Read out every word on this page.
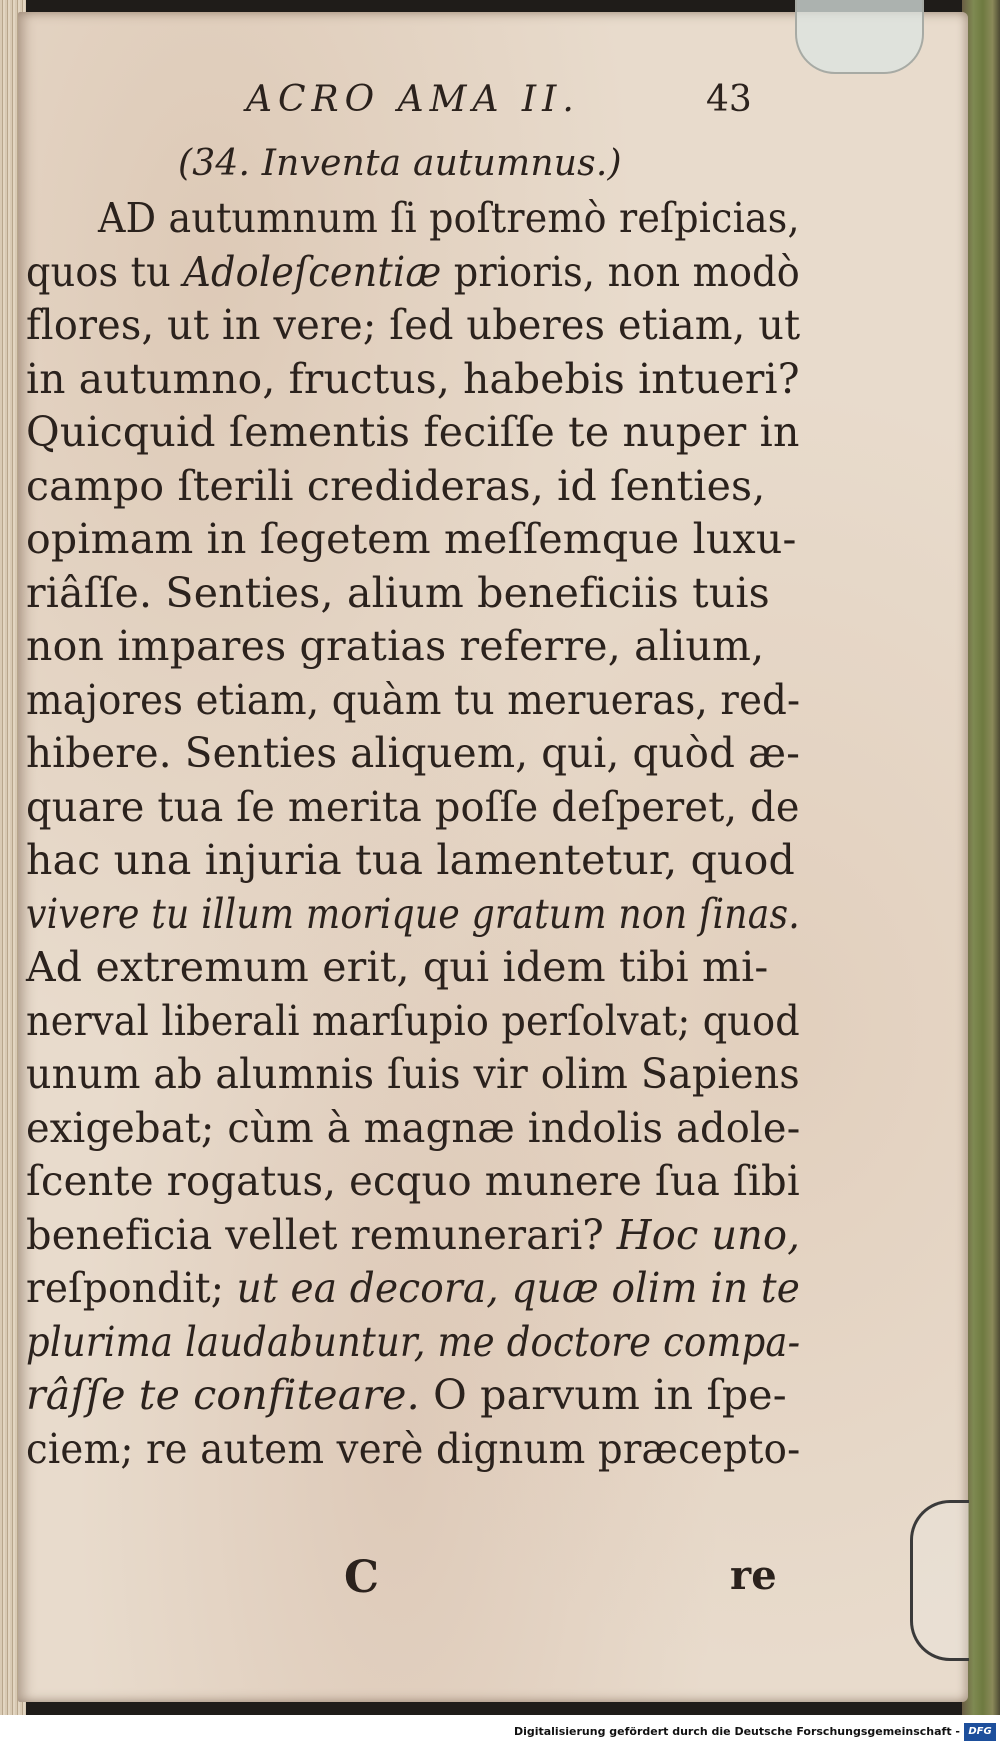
ACRO AMA II.	43
(34. Inventa autumnus.)
AD autumnum ſi poſtremò reſpicias,
quos tu Adoleſcentiæ prioris, non modò
flores, ut in vere; ſed uberes etiam, ut
in autumno, fructus, habebis intueri?
Quicquid ſementis feciſſe te nuper in
campo ſterili credideras, id ſenties,
opimam in ſegetem meſſemque luxu-
riâſſe. Senties, alium beneficiis tuis
non impares gratias referre, alium,
majores etiam, quàm tu merueras, red-
hibere. Senties aliquem, qui, quòd æ-
quare tua ſe merita poſſe deſperet, de
hac una injuria tua lamentetur, quod
vivere tu illum morique gratum non ſinas.
Ad extremum erit, qui idem tibi mi-
nerval liberali marſupio perſolvat; quod
unum ab alumnis ſuis vir olim Sapiens
exigebat; cùm à magnæ indolis adole-
ſcente rogatus, ecquo munere ſua ſibi
beneficia vellet remunerari? Hoc uno,
reſpondit; ut ea decora, quæ olim in te
plurima laudabuntur, me doctore compa-
râſſe te confiteare. O parvum in ſpe-
ciem; re autem verè dignum præcepto-
C	re
Digitalisierung gefördert durch die Deutsche Forschungsgemeinschaft - DFG
